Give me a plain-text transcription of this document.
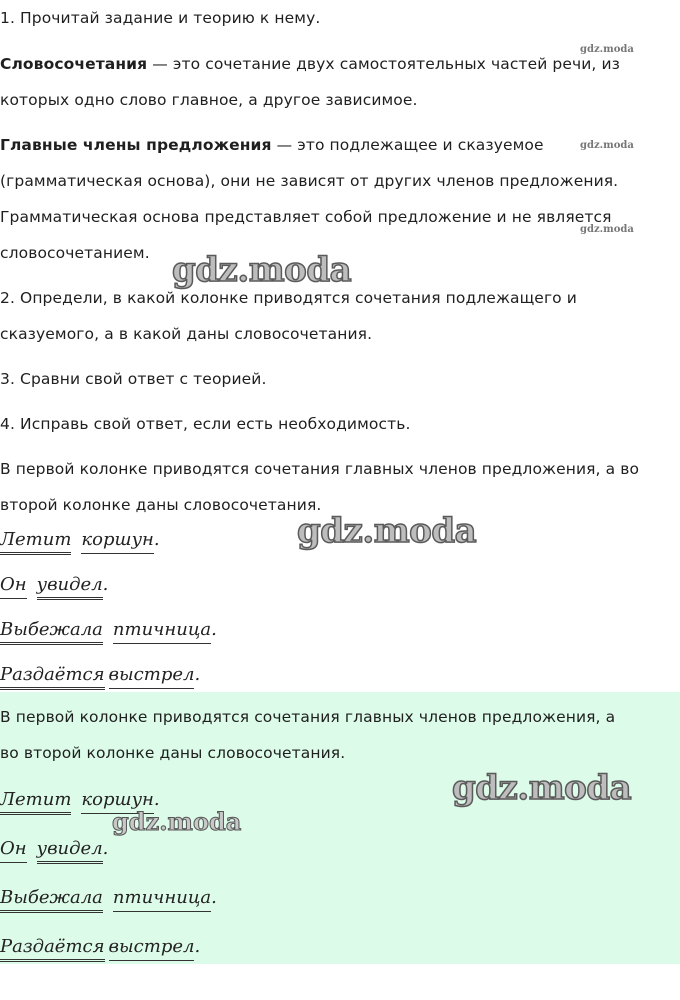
1. Прочитай задание и теорию к нему.

Словосочетания — это сочетание двух самостоятельных частей речи, из

которых одно слово главное, а другое зависимое.

Главные члены предложения — это подлежащее и сказуемое

(грамматическая основа), они не зависят от других членов предложения.

Грамматическая основа представляет собой предложение и не является

словосочетанием.

2. Определи, в какой колонке приводятся сочетания подлежащего и

сказуемого, а в какой даны словосочетания.

3. Сравни свой ответ с теорией.

4. Исправь свой ответ, если есть необходимость.

В первой колонке приводятся сочетания главных членов предложения, а во

второй колонке даны словосочетания.

Летит коршун.

Он увидел.

Выбежала птичница.

Раздаётся выстрел.

В первой колонке приводятся сочетания главных членов предложения, а

во второй колонке даны словосочетания.

Летит коршун.

Он увидел.

Выбежала птичница.

Раздаётся выстрел.

gdz.moda
gdz.moda
gdz.moda
gdz.moda
gdz.moda
gdz.moda
gdz.moda
